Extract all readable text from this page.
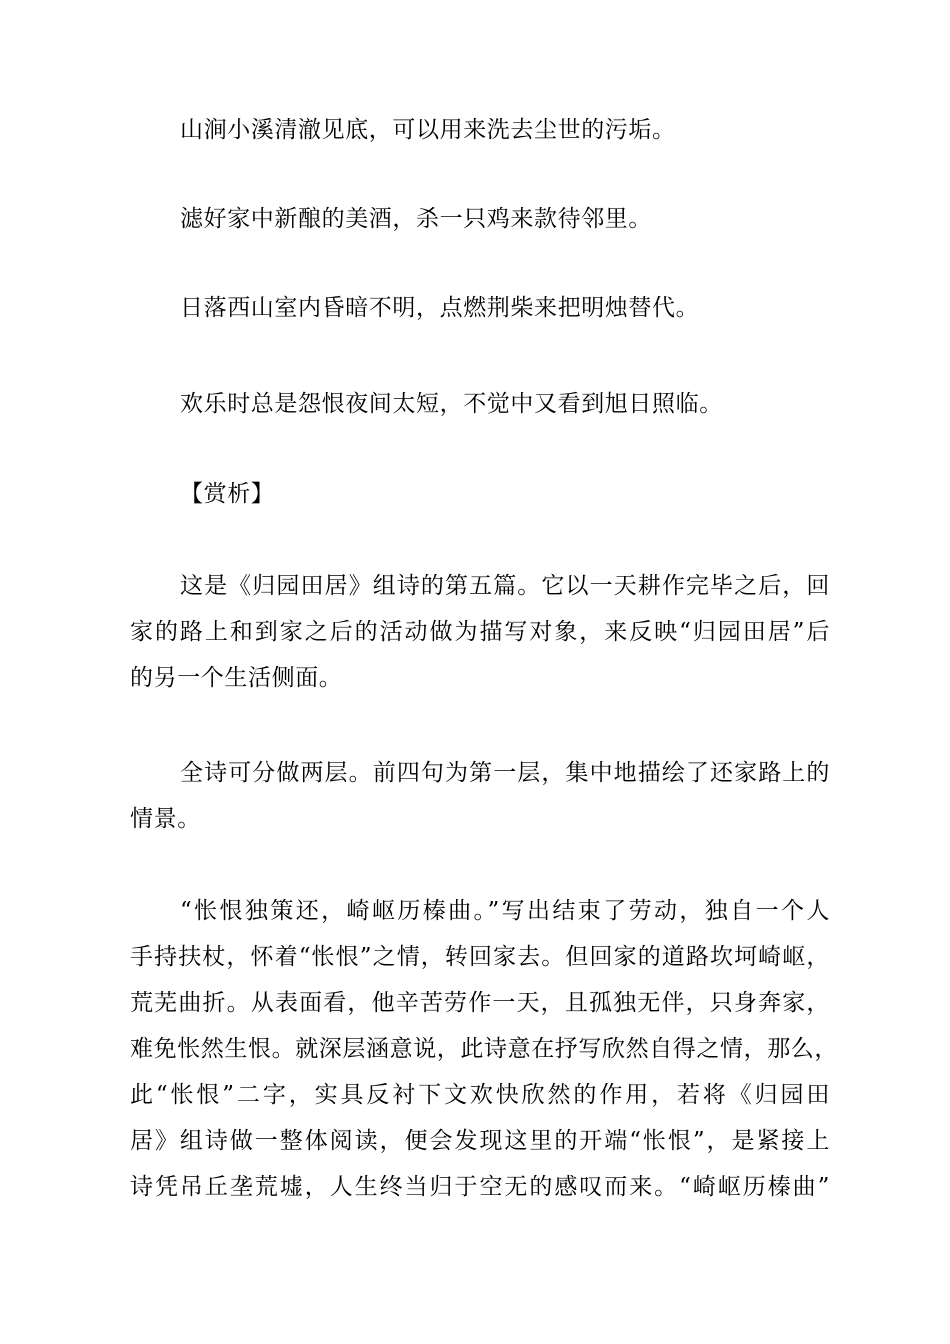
山涧小溪清澈见底，可以用来洗去尘世的污垢。
滤好家中新酿的美酒，杀一只鸡来款待邻里。
日落西山室内昏暗不明，点燃荆柴来把明烛替代。
欢乐时总是怨恨夜间太短，不觉中又看到旭日照临。
【赏析】
这是《归园田居》组诗的第五篇。它以一天耕作完毕之后，回
家的路上和到家之后的活动做为描写对象，来反映“归园田居”后
的另一个生活侧面。
全诗可分做两层。前四句为第一层，集中地描绘了还家路上的
情景。
“怅恨独策还，崎岖历榛曲。”写出结束了劳动，独自一个人
手持扶杖，怀着“怅恨”之情，转回家去。但回家的道路坎坷崎岖，
荒芜曲折。从表面看，他辛苦劳作一天，且孤独无伴，只身奔家，
难免怅然生恨。就深层涵意说，此诗意在抒写欣然自得之情，那么，
此“怅恨”二字，实具反衬下文欢快欣然的作用，若将《归园田
居》组诗做一整体阅读，便会发现这里的开端“怅恨”，是紧接上
诗凭吊丘垄荒墟，人生终当归于空无的感叹而来。“崎岖历榛曲”
